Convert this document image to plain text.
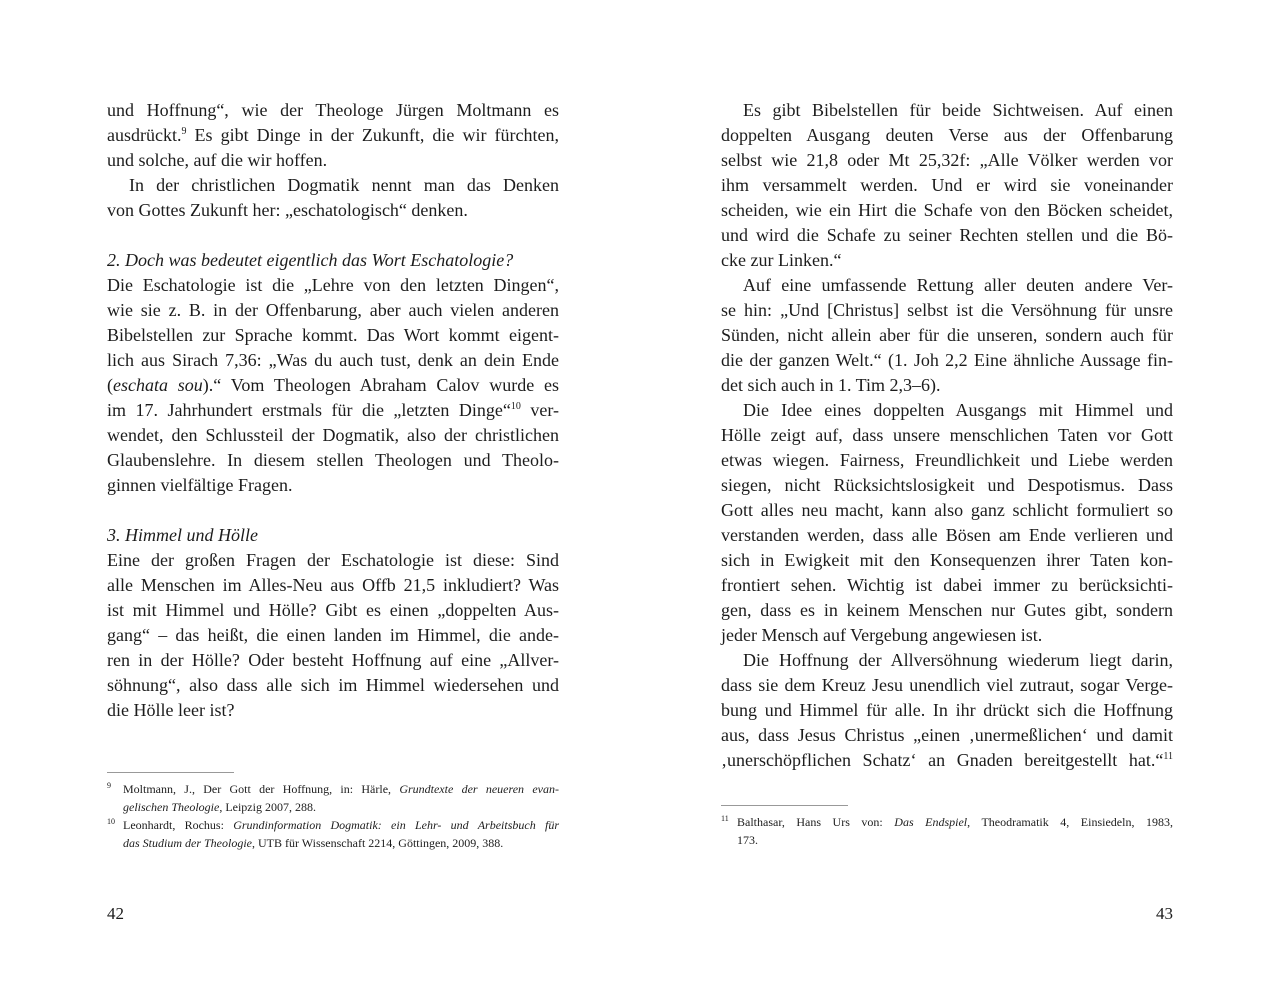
und Hoffnung“, wie der Theologe Jürgen Moltmann es
ausdrückt.$^9$ Es gibt Dinge in der Zukunft, die wir fürchten,
und solche, auf die wir hoffen.
In der christlichen Dogmatik nennt man das Denken
von Gottes Zukunft her: „eschatologisch“ denken.
2. Doch was bedeutet eigentlich das Wort Eschatologie?
Die Eschatologie ist die „Lehre von den letzten Dingen“,
wie sie z. B. in der Offenbarung, aber auch vielen anderen
Bibelstellen zur Sprache kommt. Das Wort kommt eigent-
lich aus Sirach 7,36: „Was du auch tust, denk an dein Ende
(eschata sou).“ Vom Theologen Abraham Calov wurde es
im 17. Jahrhundert erstmals für die „letzten Dinge“$^{10}$ ver-
wendet, den Schlussteil der Dogmatik, also der christlichen
Glaubenslehre. In diesem stellen Theologen und Theolo-
ginnen vielfältige Fragen.
3. Himmel und Hölle
Eine der großen Fragen der Eschatologie ist diese: Sind
alle Menschen im Alles-Neu aus Offb 21,5 inkludiert? Was
ist mit Himmel und Hölle? Gibt es einen „doppelten Aus-
gang“ – das heißt, die einen landen im Himmel, die ande-
ren in der Hölle? Oder besteht Hoffnung auf eine „Allver-
söhnung“, also dass alle sich im Himmel wiedersehen und
die Hölle leer ist?
9 Moltmann, J., Der Gott der Hoffnung, in: Härle, Grundtexte der neueren evan-
gelischen Theologie, Leipzig 2007, 288.
10 Leonhardt, Rochus: Grundinformation Dogmatik: ein Lehr- und Arbeitsbuch für
das Studium der Theologie, UTB für Wissenschaft 2214, Göttingen, 2009, 388.
42
Es gibt Bibelstellen für beide Sichtweisen. Auf einen
doppelten Ausgang deuten Verse aus der Offenbarung
selbst wie 21,8 oder Mt 25,32f: „Alle Völker werden vor
ihm versammelt werden. Und er wird sie voneinander
scheiden, wie ein Hirt die Schafe von den Böcken scheidet,
und wird die Schafe zu seiner Rechten stellen und die Bö-
cke zur Linken.“
Auf eine umfassende Rettung aller deuten andere Ver-
se hin: „Und [Christus] selbst ist die Versöhnung für unsre
Sünden, nicht allein aber für die unseren, sondern auch für
die der ganzen Welt.“ (1. Joh 2,2 Eine ähnliche Aussage fin-
det sich auch in 1. Tim 2,3–6).
Die Idee eines doppelten Ausgangs mit Himmel und
Hölle zeigt auf, dass unsere menschlichen Taten vor Gott
etwas wiegen. Fairness, Freundlichkeit und Liebe werden
siegen, nicht Rücksichtslosigkeit und Despotismus. Dass
Gott alles neu macht, kann also ganz schlicht formuliert so
verstanden werden, dass alle Bösen am Ende verlieren und
sich in Ewigkeit mit den Konsequenzen ihrer Taten kon-
frontiert sehen. Wichtig ist dabei immer zu berücksichti-
gen, dass es in keinem Menschen nur Gutes gibt, sondern
jeder Mensch auf Vergebung angewiesen ist.
Die Hoffnung der Allversöhnung wiederum liegt darin,
dass sie dem Kreuz Jesu unendlich viel zutraut, sogar Verge-
bung und Himmel für alle. In ihr drückt sich die Hoffnung
aus, dass Jesus Christus „einen ‚unermeßlichen‘ und damit
‚unerschöpflichen Schatz‘ an Gnaden bereitgestellt hat.“$^{11}$
11 Balthasar, Hans Urs von: Das Endspiel, Theodramatik 4, Einsiedeln, 1983,
173.
43
